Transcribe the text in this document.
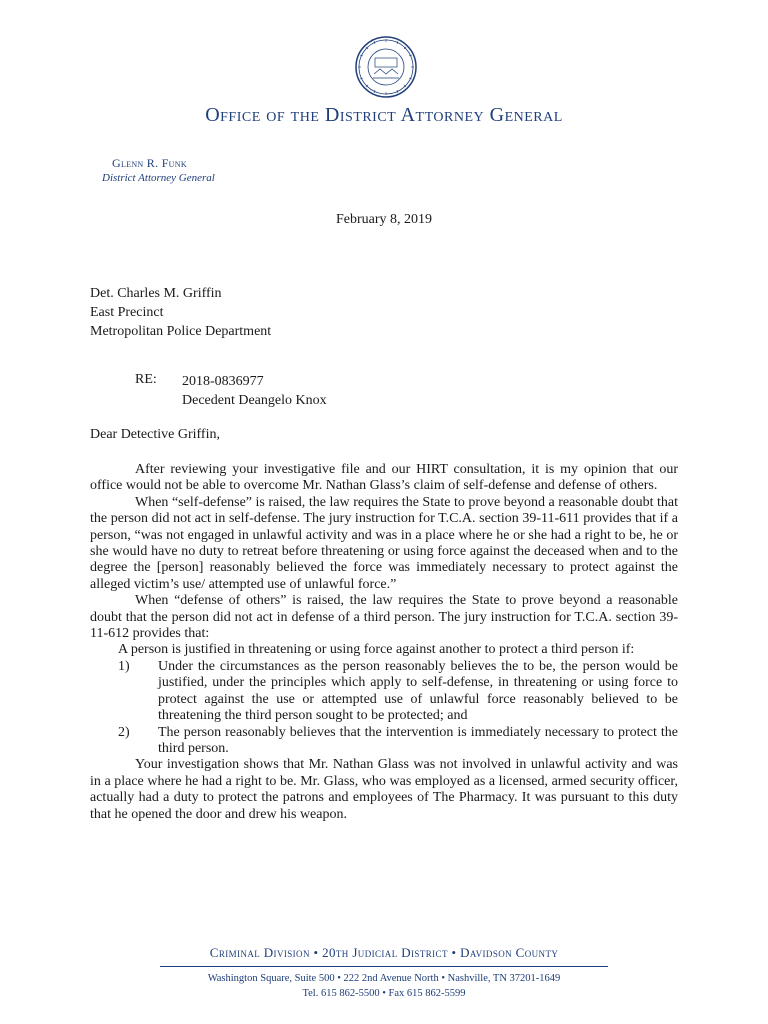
Office of the District Attorney General
Glenn R. Funk
District Attorney General
February 8, 2019
Det. Charles M. Griffin
East Precinct
Metropolitan Police Department
RE: 2018-0836977
Decedent Deangelo Knox
Dear Detective Griffin,

After reviewing your investigative file and our HIRT consultation, it is my opinion that our office would not be able to overcome Mr. Nathan Glass’s claim of self-defense and defense of others.

When “self-defense” is raised, the law requires the State to prove beyond a reasonable doubt that the person did not act in self-defense. The jury instruction for T.C.A. section 39-11-611 provides that if a person, “was not engaged in unlawful activity and was in a place where he or she had a right to be, he or she would have no duty to retreat before threatening or using force against the deceased when and to the degree the [person] reasonably believed the force was immediately necessary to protect against the alleged victim’s use/ attempted use of unlawful force.”

When “defense of others” is raised, the law requires the State to prove beyond a reasonable doubt that the person did not act in defense of a third person. The jury instruction for T.C.A. section 39-11-612 provides that:

A person is justified in threatening or using force against another to protect a third person if:
1) Under the circumstances as the person reasonably believes the to be, the person would be justified, under the principles which apply to self-defense, in threatening or using force to protect against the use or attempted use of unlawful force reasonably believed to be threatening the third person sought to be protected; and
2) The person reasonably believes that the intervention is immediately necessary to protect the third person.

Your investigation shows that Mr. Nathan Glass was not involved in unlawful activity and was in a place where he had a right to be. Mr. Glass, who was employed as a licensed, armed security officer, actually had a duty to protect the patrons and employees of The Pharmacy. It was pursuant to this duty that he opened the door and drew his weapon.

Criminal Division • 20th Judicial District • Davidson County
Washington Square, Suite 500 • 222 2nd Avenue North • Nashville, TN 37201-1649
Tel. 615 862-5500 • Fax 615 862-5599
